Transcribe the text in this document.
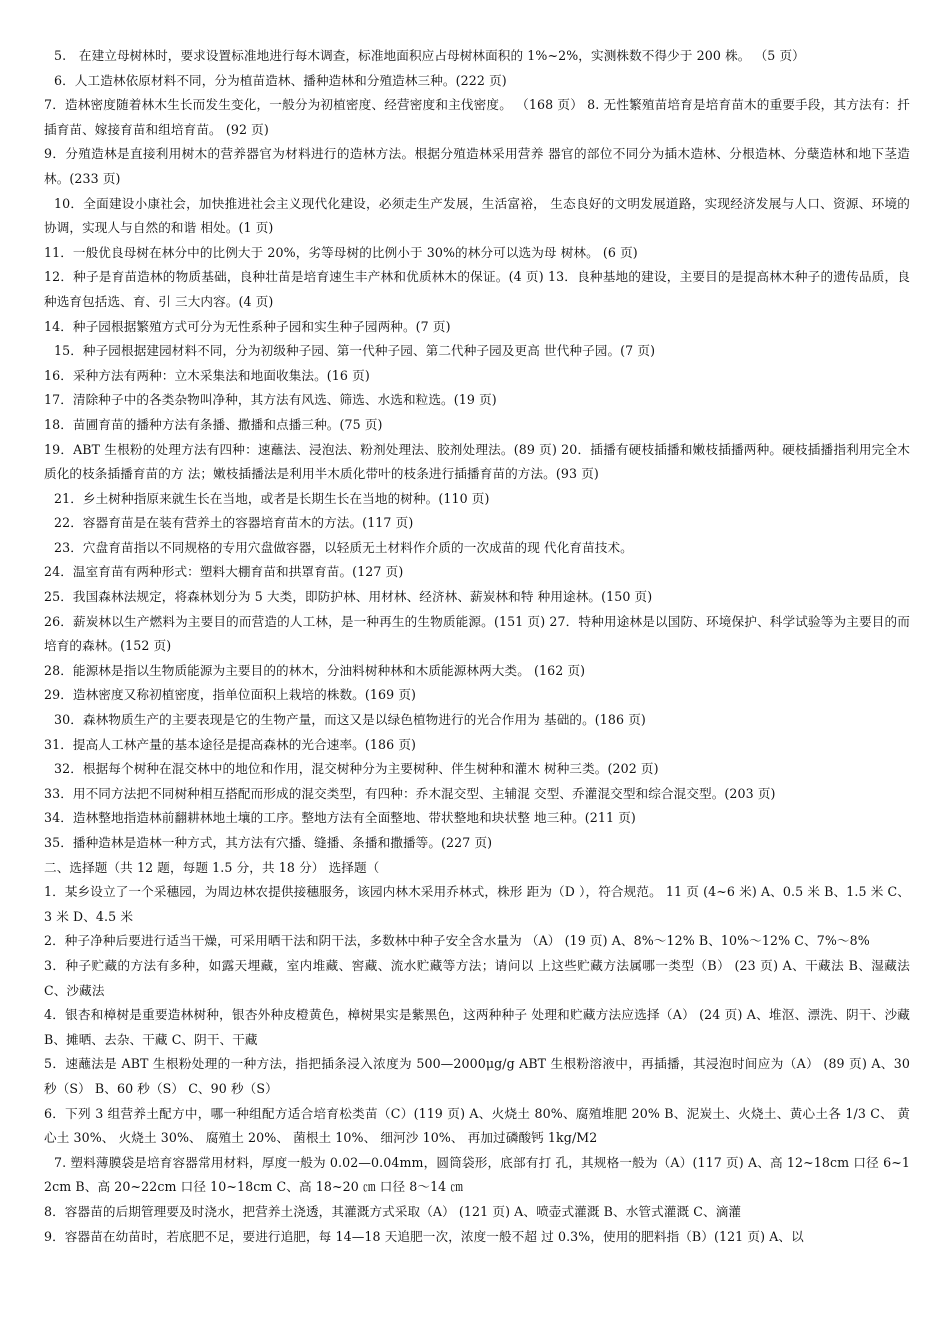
5.　在建立母树林时，要求设置标准地进行每木调查，标准地面积应占母树林面积的 1%~2%，实测株数不得少于 200 株。 （5 页）

6．人工造林依原材料不同，分为植苗造林、播种造林和分殖造林三种。(222 页)

7．造林密度随着林木生长而发生变化，一般分为初植密度、经营密度和主伐密度。 （168 页） 8. 无性繁殖苗培育是培育苗木的重要手段，其方法有：扦插育苗、嫁接育苗和组培育苗。 (92 页)

9．分殖造林是直接利用树木的营养器官为材料进行的造林方法。根据分殖造林采用营养 器官的部位不同分为插木造林、分根造林、分蘖造林和地下茎造林。(233 页)

10．全面建设小康社会，加快推进社会主义现代化建设，必须走生产发展，生活富裕， 生态良好的文明发展道路，实现经济发展与人口、资源、环境的协调，实现人与自然的和谐 相处。(1 页)

11．一般优良母树在林分中的比例大于 20%，劣等母树的比例小于 30%的林分可以选为母 树林。 (6 页)

12．种子是育苗造林的物质基础，良种壮苗是培育速生丰产林和优质林木的保证。(4 页) 13．良种基地的建设，主要目的是提高林木种子的遗传品质，良种选育包括选、育、引 三大内容。(4 页)

14．种子园根据繁殖方式可分为无性系种子园和实生种子园两种。(7 页)

15．种子园根据建园材料不同，分为初级种子园、第一代种子园、第二代种子园及更高 世代种子园。(7 页)

16．采种方法有两种：立木采集法和地面收集法。(16 页)

17．清除种子中的各类杂物叫净种，其方法有风选、筛选、水选和粒选。(19 页)

18．苗圃育苗的播种方法有条播、撒播和点播三种。(75 页)

19．ABT 生根粉的处理方法有四种：速蘸法、浸泡法、粉剂处理法、胶剂处理法。(89 页) 20．插播有硬枝插播和嫩枝插播两种。硬枝插播指利用完全木质化的枝条插播育苗的方 法；嫩枝插播法是利用半木质化带叶的枝条进行插播育苗的方法。(93 页)

21．乡土树种指原来就生长在当地，或者是长期生长在当地的树种。(110 页)

22．容器育苗是在装有营养土的容器培育苗木的方法。(117 页)

23．穴盘育苗指以不同规格的专用穴盘做容器，以轻质无土材料作介质的一次成苗的现 代化育苗技术。

24．温室育苗有两种形式：塑料大棚育苗和拱罩育苗。(127 页)

25．我国森林法规定，将森林划分为 5 大类，即防护林、用材林、经济林、薪炭林和特 种用途林。(150 页)

26．薪炭林以生产燃料为主要目的而营造的人工林，是一种再生的生物质能源。(151 页) 27．特种用途林是以国防、环境保护、科学试验等为主要目的而培育的森林。(152 页)

28．能源林是指以生物质能源为主要目的的林木，分油料树种林和木质能源林两大类。 (162 页)

29．造林密度又称初植密度，指单位面积上栽培的株数。(169 页)

30．森林物质生产的主要表现是它的生物产量，而这又是以绿色植物进行的光合作用为 基础的。(186 页)

31．提高人工林产量的基本途径是提高森林的光合速率。(186 页)

32．根据每个树种在混交林中的地位和作用，混交树种分为主要树种、伴生树种和灌木 树种三类。(202 页)

33．用不同方法把不同树种相互搭配而形成的混交类型，有四种：乔木混交型、主辅混 交型、乔灌混交型和综合混交型。(203 页)

34．造林整地指造林前翻耕林地土壤的工序。整地方法有全面整地、带状整地和块状整 地三种。(211 页)

35．播种造林是造林一种方式，其方法有穴播、缝播、条播和撒播等。(227 页)

二、选择题（共 12 题，每题 1.5 分，共 18 分） 选择题（

1．某乡设立了一个采穗园，为周边林农提供接穗服务，该园内林木采用乔林式，株形 距为（D ），符合规范。 11 页 (4~6 米) A、0.5 米 B、1.5 米 C、3 米 D、4.5 米

2．种子净种后要进行适当干燥，可采用晒干法和阴干法，多数林中种子安全含水量为 （A） (19 页) A、8%～12% B、10%～12% C、7%～8%

3．种子贮藏的方法有多种，如露天埋藏，室内堆藏、窖藏、流水贮藏等方法；请问以 上这些贮藏方法属哪一类型（B） (23 页) A、干藏法 B、湿藏法 C、沙藏法

4．银杏和樟树是重要造林树种，银杏外种皮橙黄色，樟树果实是紫黑色，这两种种子 处理和贮藏方法应选择（A） (24 页) A、堆沤、漂洗、阴干、沙藏 B、摊晒、去杂、干藏 C、阴干、干藏

5．速蘸法是 ABT 生根粉处理的一种方法，指把插条浸入浓度为 500—2000μg/g ABT 生根粉溶液中，再插播，其浸泡时间应为（A） (89 页) A、30 秒（S） B、60 秒（S） C、90 秒（S）

6．下列 3 组营养土配方中，哪一种组配方适合培育松类苗（C）(119 页) A、火烧土 80%、腐殖堆肥 20% B、泥炭土、火烧土、黄心土各 1/3 C、 黄心土 30%、 火烧土 30%、 腐殖土 20%、 菌根土 10%、 细河沙 10%、 再加过磷酸钙 1kg/M2

7. 塑料薄膜袋是培育容器常用材料，厚度一般为 0.02—0.04mm，圆筒袋形，底部有打 孔，其规格一般为（A）(117 页) A、高 12~18cm 口径 6~12cm B、高 20~22cm 口径 10~18cm C、高 18~20 ㎝ 口径 8～14 ㎝

8．容器苗的后期管理要及时浇水，把营养土浇透，其灌溉方式采取（A） (121 页) A、喷壶式灌溉 B、水管式灌溉 C、滴灌

9．容器苗在幼苗时，若底肥不足，要进行追肥，每 14—18 天追肥一次，浓度一般不超 过 0.3%，使用的肥料指（B）(121 页) A、以
